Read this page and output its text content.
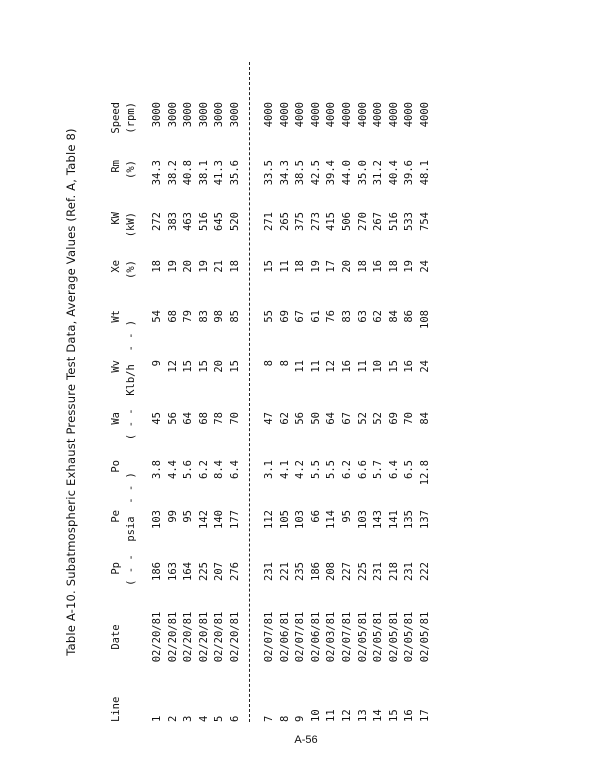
Table A-10. Subatmospheric Exhaust Pressure Test Data, Average Values (Ref. A, Table 8)
Line
Date
Pp
Pe
Po
Wa
Wv
Wt
Xe
KW
Rm
Speed
( - -  psia  - - )
( - -  Klb/h  - - )
(%)
(kW)
(%)
(rpm)
1
02/20/81
186
103
3.8
45
9
54
18
272
34.3
3000
2
02/20/81
163
99
4.4
56
12
68
19
383
38.2
3000
3
02/20/81
164
95
5.6
64
15
79
20
463
40.8
3000
4
02/20/81
225
142
6.2
68
15
83
19
516
38.1
3000
5
02/20/81
207
140
8.4
78
20
98
21
645
41.3
3000
6
02/20/81
276
177
6.4
70
15
85
18
520
35.6
3000
7
02/07/81
231
112
3.1
47
8
55
15
271
33.5
4000
8
02/06/81
221
105
4.1
62
8
69
11
265
34.3
4000
9
02/07/81
235
103
4.2
56
11
67
18
375
38.5
4000
10
02/06/81
186
66
5.5
50
11
61
19
273
42.5
4000
11
02/03/81
208
114
5.5
64
12
76
17
415
39.4
4000
12
02/07/81
227
95
6.2
67
16
83
20
506
44.0
4000
13
02/05/81
225
103
6.6
52
11
63
18
270
35.0
4000
14
02/05/81
231
143
5.7
52
10
62
16
267
31.2
4000
15
02/05/81
218
141
6.4
69
15
84
18
516
40.4
4000
16
02/05/81
231
135
6.5
70
16
86
19
533
39.6
4000
17
02/05/81
222
137
12.8
84
24
108
24
754
48.1
4000
A-56
